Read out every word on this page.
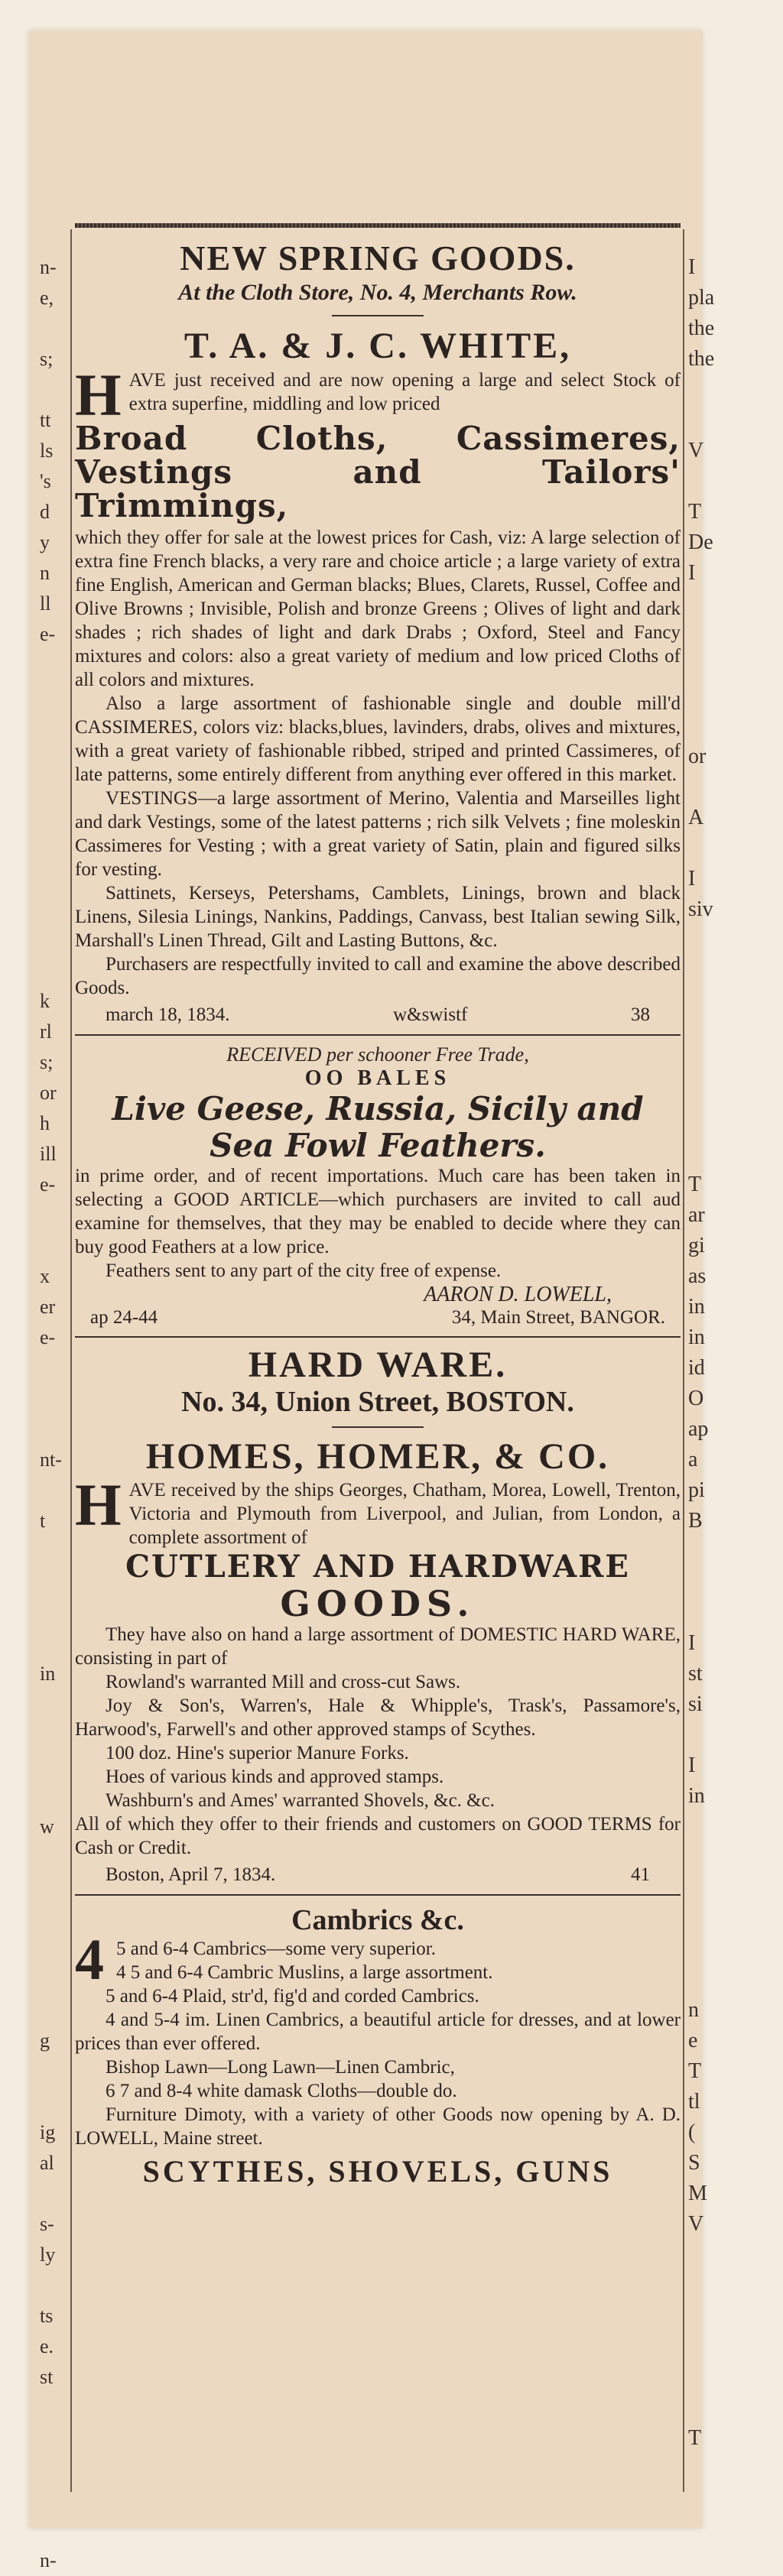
n-
e,
s;
tt
ls
's
d
y
n
ll
e-
k
rl
s;
or
h
ill
e-
x
er
e-
nt-
t
in
w
g
ig
al
s-
ly
ts
e.
st
n-
I
pla
the
the
V
T
De
I
or
A
I
siv
T
ar
gi
as
in
in
id
O
ap
a
pi
B
I
st
si
I
in
n
e
T
tl
(
S
M
V
T
NEW SPRING GOODS.
At the Cloth Store, No. 4, Merchants Row.
T. A. & J. C. WHITE,

HAVE just received and are now opening a large and select Stock of extra superfine, middling and low priced

Broad Cloths, Cassimeres, Vestings and Tailors' Trimmings,

which they offer for sale at the lowest prices for Cash, viz: A large selection of extra fine French blacks, a very rare and choice article ; a large variety of extra fine English, American and German blacks; Blues, Clarets, Russel, Coffee and Olive Browns ; Invisible, Polish and bronze Greens ; Olives of light and dark shades ; rich shades of light and dark Drabs ; Oxford, Steel and Fancy mixtures and colors: also a great variety of medium and low priced Cloths of all colors and mixtures.

Also a large assortment of fashionable single and double mill'd CASSIMERES, colors viz: blacks,blues, lavinders, drabs, olives and mixtures, with a great variety of fashionable ribbed, striped and printed Cassimeres, of late patterns, some entirely different from anything ever offered in this market.

VESTINGS—a large assortment of Merino, Valentia and Marseilles light and dark Vestings, some of the latest patterns ; rich silk Velvets ; fine moleskin Cassimeres for Vesting ; with a great variety of Satin, plain and figured silks for vesting.

Sattinets, Kerseys, Petershams, Camblets, Linings, brown and black Linens, Silesia Linings, Nankins, Paddings, Canvass, best Italian sewing Silk, Marshall's Linen Thread, Gilt and Lasting Buttons, &c.

Purchasers are respectfully invited to call and examine the above described Goods.

march 18, 1834.	w&swistf	38
RECEIVED per schooner Free Trade,
OO BALES
Live Geese, Russia, Sicily and Sea Fowl Feathers.

in prime order, and of recent importations. Much care has been taken in selecting a GOOD ARTICLE—which purchasers are invited to call aud examine for themselves, that they may be enabled to decide where they can buy good Feathers at a low price.

Feathers sent to any part of the city free of expense.

AARON D. LOWELL,
ap 24-44	34, Main Street, BANGOR.
HARD WARE.
No. 34, Union Street, BOSTON.
HOMES, HOMER, & CO.

HAVE received by the ships Georges, Chatham, Morea, Lowell, Trenton, Victoria and Plymouth from Liverpool, and Julian, from London, a complete assortment of

CUTLERY AND HARDWARE
GOODS.

They have also on hand a large assortment of DOMESTIC HARD WARE, consisting in part of

Rowland's warranted Mill and cross-cut Saws.

Joy & Son's, Warren's, Hale & Whipple's, Trask's, Passamore's, Harwood's, Farwell's and other approved stamps of Scythes.

100 doz. Hine's superior Manure Forks.

Hoes of various kinds and approved stamps.

Washburn's and Ames' warranted Shovels, &c. &c.

All of which they offer to their friends and customers on GOOD TERMS for Cash or Credit.

Boston, April 7, 1834.	41
Cambrics &c.
4 5 and 6-4 Cambrics—some very superior.
4 5 and 6-4 Cambric Muslins, a large assortment.

5 and 6-4 Plaid, str'd, fig'd and corded Cambrics.

4 and 5-4 im. Linen Cambrics, a beautiful article for dresses, and at lower prices than ever offered.

Bishop Lawn—Long Lawn—Linen Cambric,

6 7 and 8-4 white damask Cloths—double do.

Furniture Dimoty, with a variety of other Goods now opening by A. D. LOWELL, Maine street.

SCYTHES, SHOVELS, GUNS
